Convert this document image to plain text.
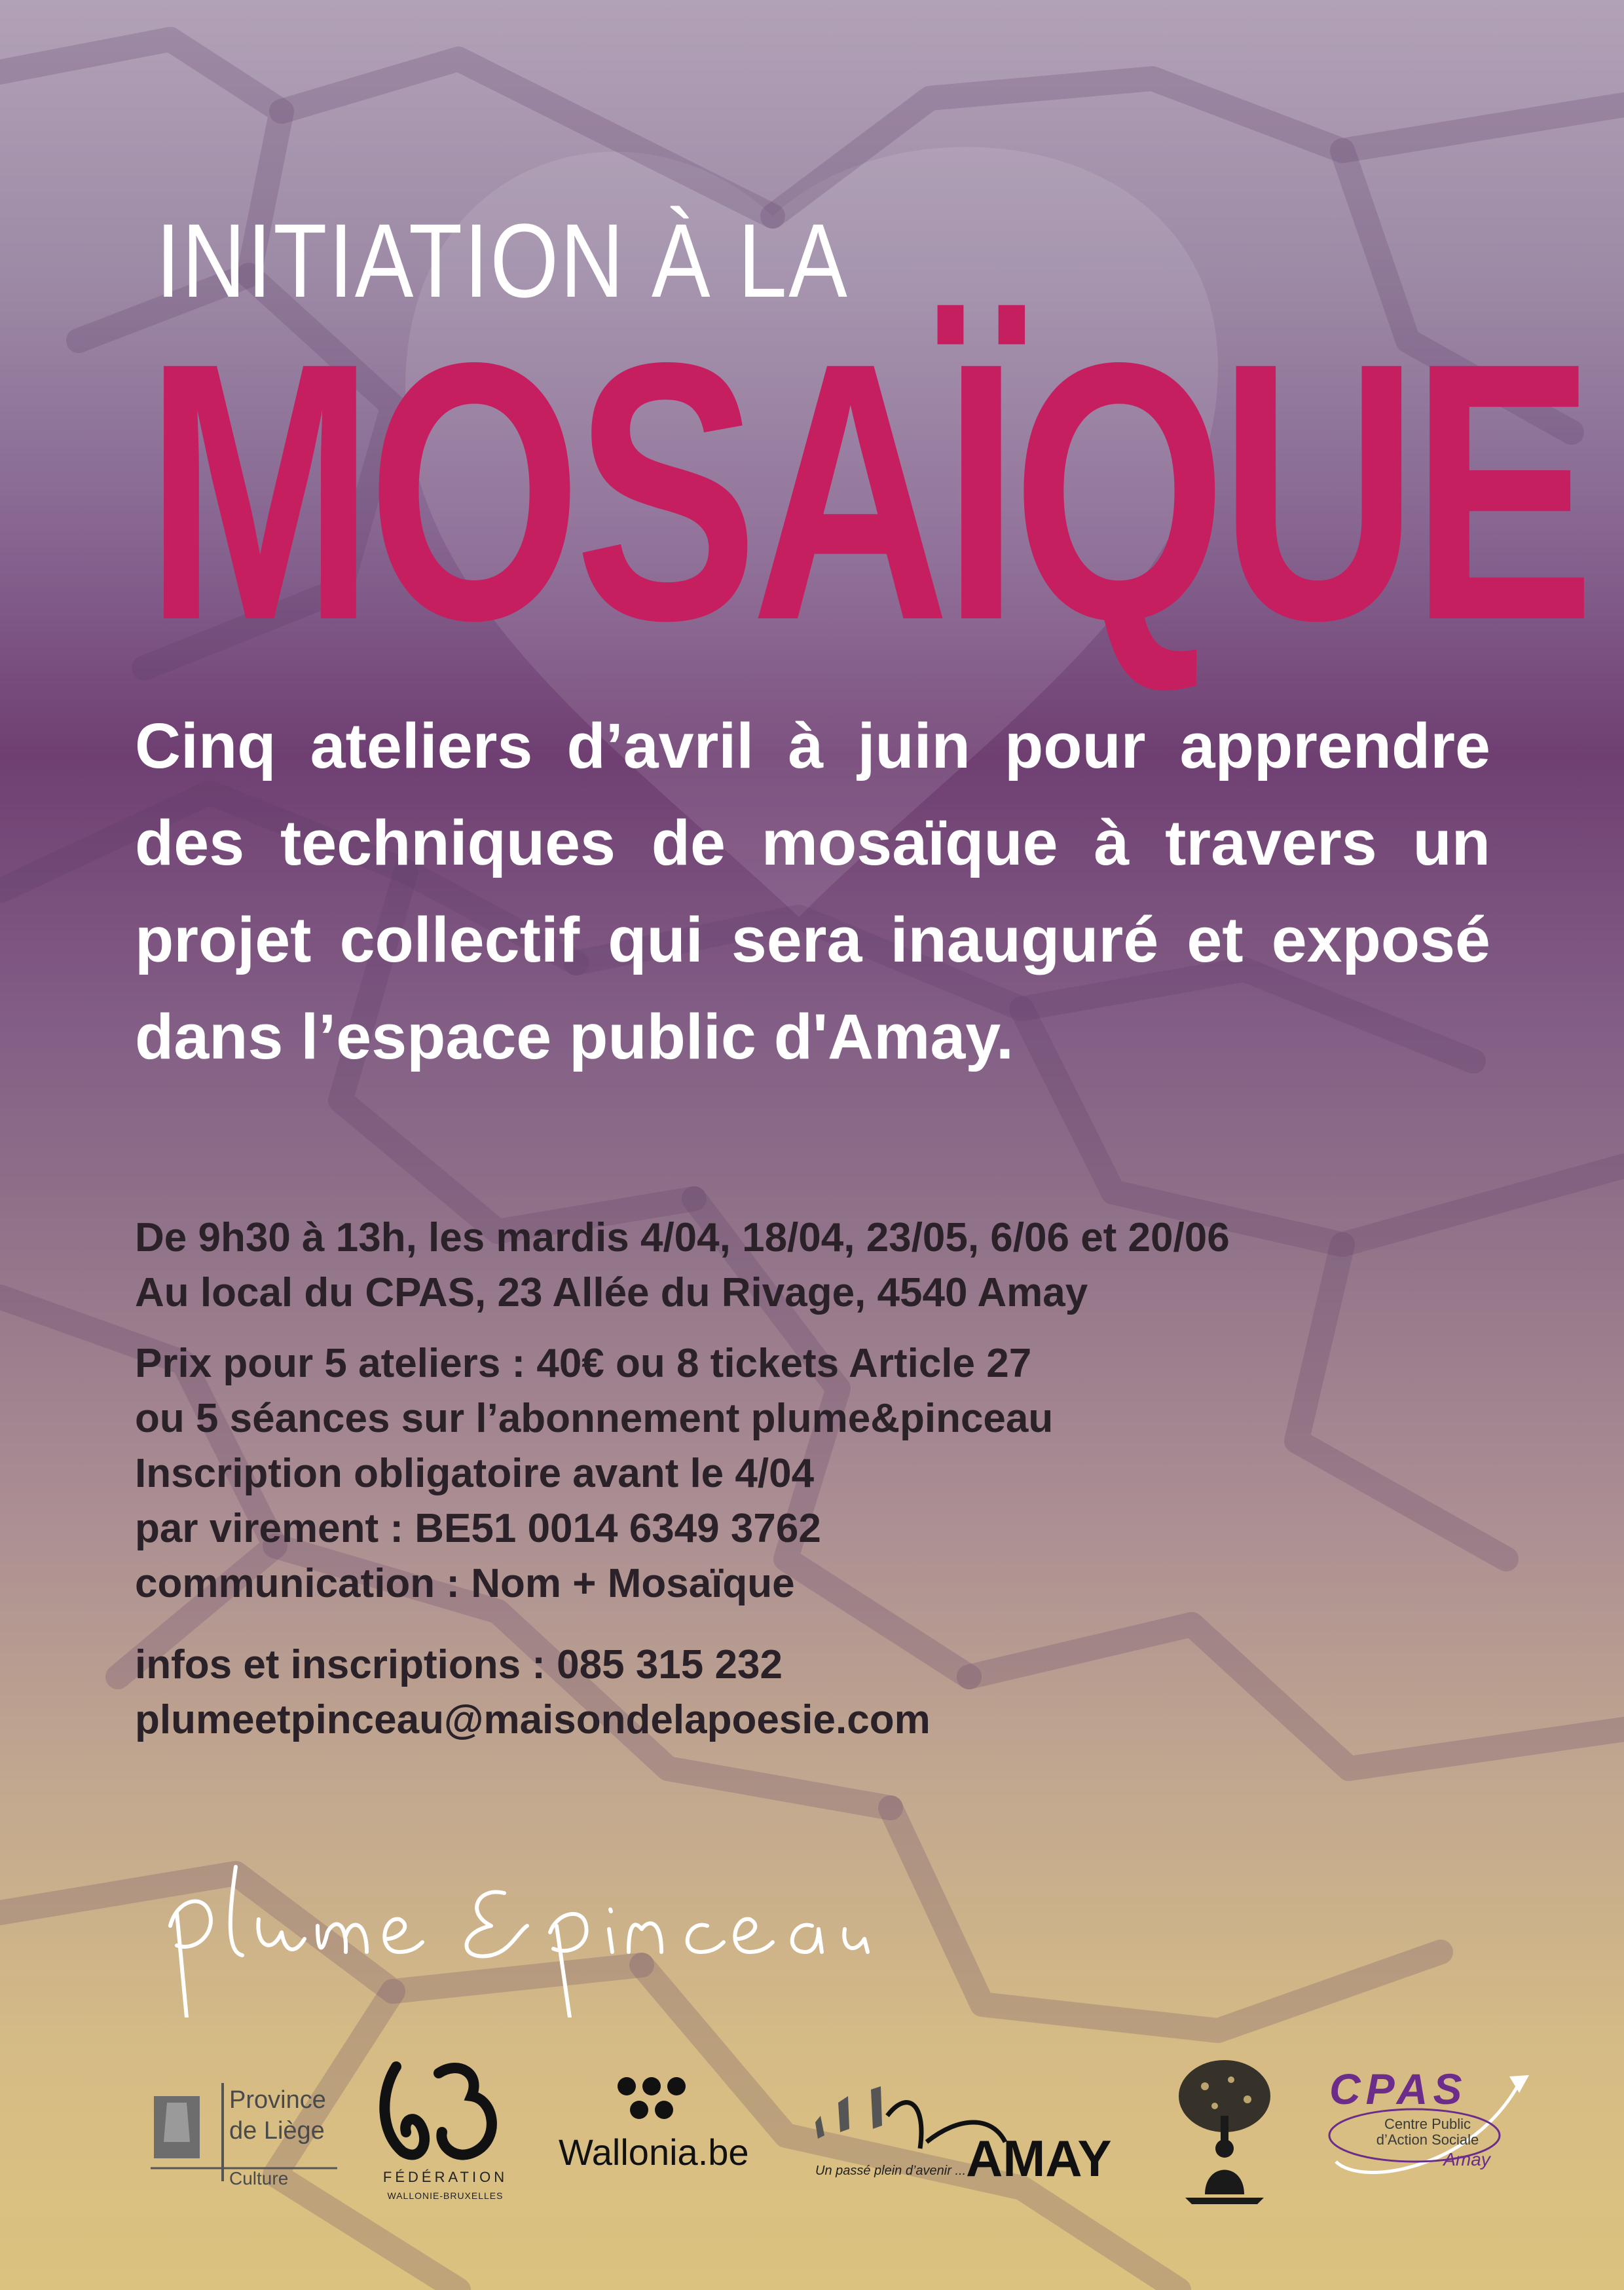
INITIATION À LA
MOSAÏQUE

Cinq ateliers d’avril à juin pour apprendre des techniques de mosaïque à travers un projet collectif qui sera inauguré et exposé dans l’espace public d'Amay.

De 9h30 à 13h, les mardis 4/04, 18/04, 23/05, 6/06 et 20/06
Au local du CPAS, 23 Allée du Rivage, 4540 Amay
Prix pour 5 ateliers : 40€ ou 8 tickets Article 27
ou 5 séances sur l’abonnement plume&pinceau
Inscription obligatoire avant le 4/04
par virement : BE51 0014 6349 3762
communication : Nom + Mosaïque
infos et inscriptions : 085 315 232
plumeetpinceau@maisondelapoesie.com
Province
de Liège
Culture	FÉDÉRATION
WALLONIE-BRUXELLES
Wallonia.be	Un passé plein d’avenir ... AMAY
CPAS
Centre Public
d’Action Sociale
Amay
